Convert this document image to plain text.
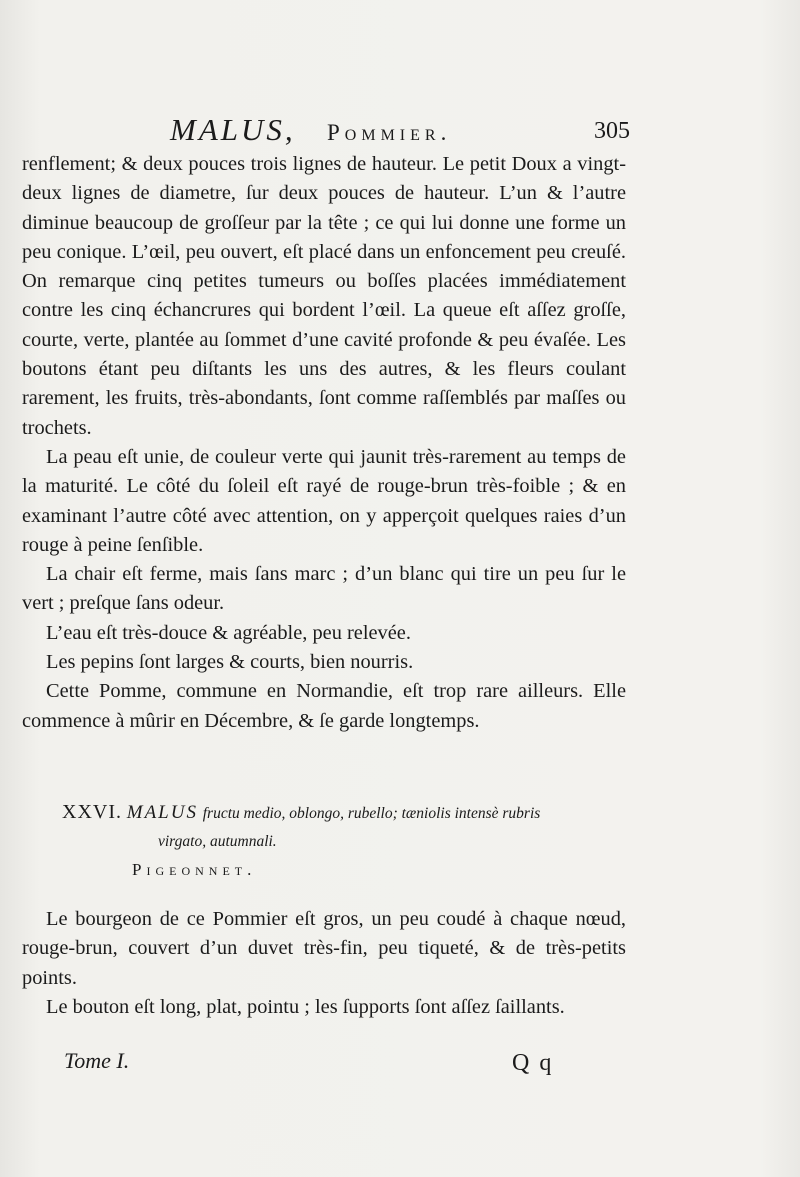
MALUS, Pommier.	305

renflement; & deux pouces trois lignes de hauteur. Le petit Doux a vingt-deux lignes de diametre, ſur deux pouces de hauteur. L’un & l’autre diminue beaucoup de groſſeur par la tête ; ce qui lui donne une forme un peu conique. L’œil, peu ouvert, eſt placé dans un enfoncement peu creuſé. On remarque cinq petites tumeurs ou boſſes placées immédiatement contre les cinq échancrures qui bordent l’œil. La queue eſt aſſez groſſe, courte, verte, plantée au ſommet d’une cavité profonde & peu évaſée. Les boutons étant peu diſtants les uns des autres, & les fleurs coulant rarement, les fruits, très-abondants, ſont comme raſſemblés par maſſes ou trochets.

La peau eſt unie, de couleur verte qui jaunit très-rarement au temps de la maturité. Le côté du ſoleil eſt rayé de rouge-brun très-foible ; & en examinant l’autre côté avec attention, on y apperçoit quelques raies d’un rouge à peine ſenſible.

La chair eſt ferme, mais ſans marc ; d’un blanc qui tire un peu ſur le vert ; preſque ſans odeur.

L’eau eſt très-douce & agréable, peu relevée.

Les pepins ſont larges & courts, bien nourris.

Cette Pomme, commune en Normandie, eſt trop rare ailleurs. Elle commence à mûrir en Décembre, & ſe garde longtemps.

XXVI. MALUS fructu medio, oblongo, rubello; tæniolis intensè rubris
virgato, autumnali.
Pigeonnet.

Le bourgeon de ce Pommier eſt gros, un peu coudé à chaque nœud, rouge-brun, couvert d’un duvet très-fin, peu tiqueté, & de très-petits points.

Le bouton eſt long, plat, pointu ; les ſupports ſont aſſez ſaillants.

Tome I.	Q q
